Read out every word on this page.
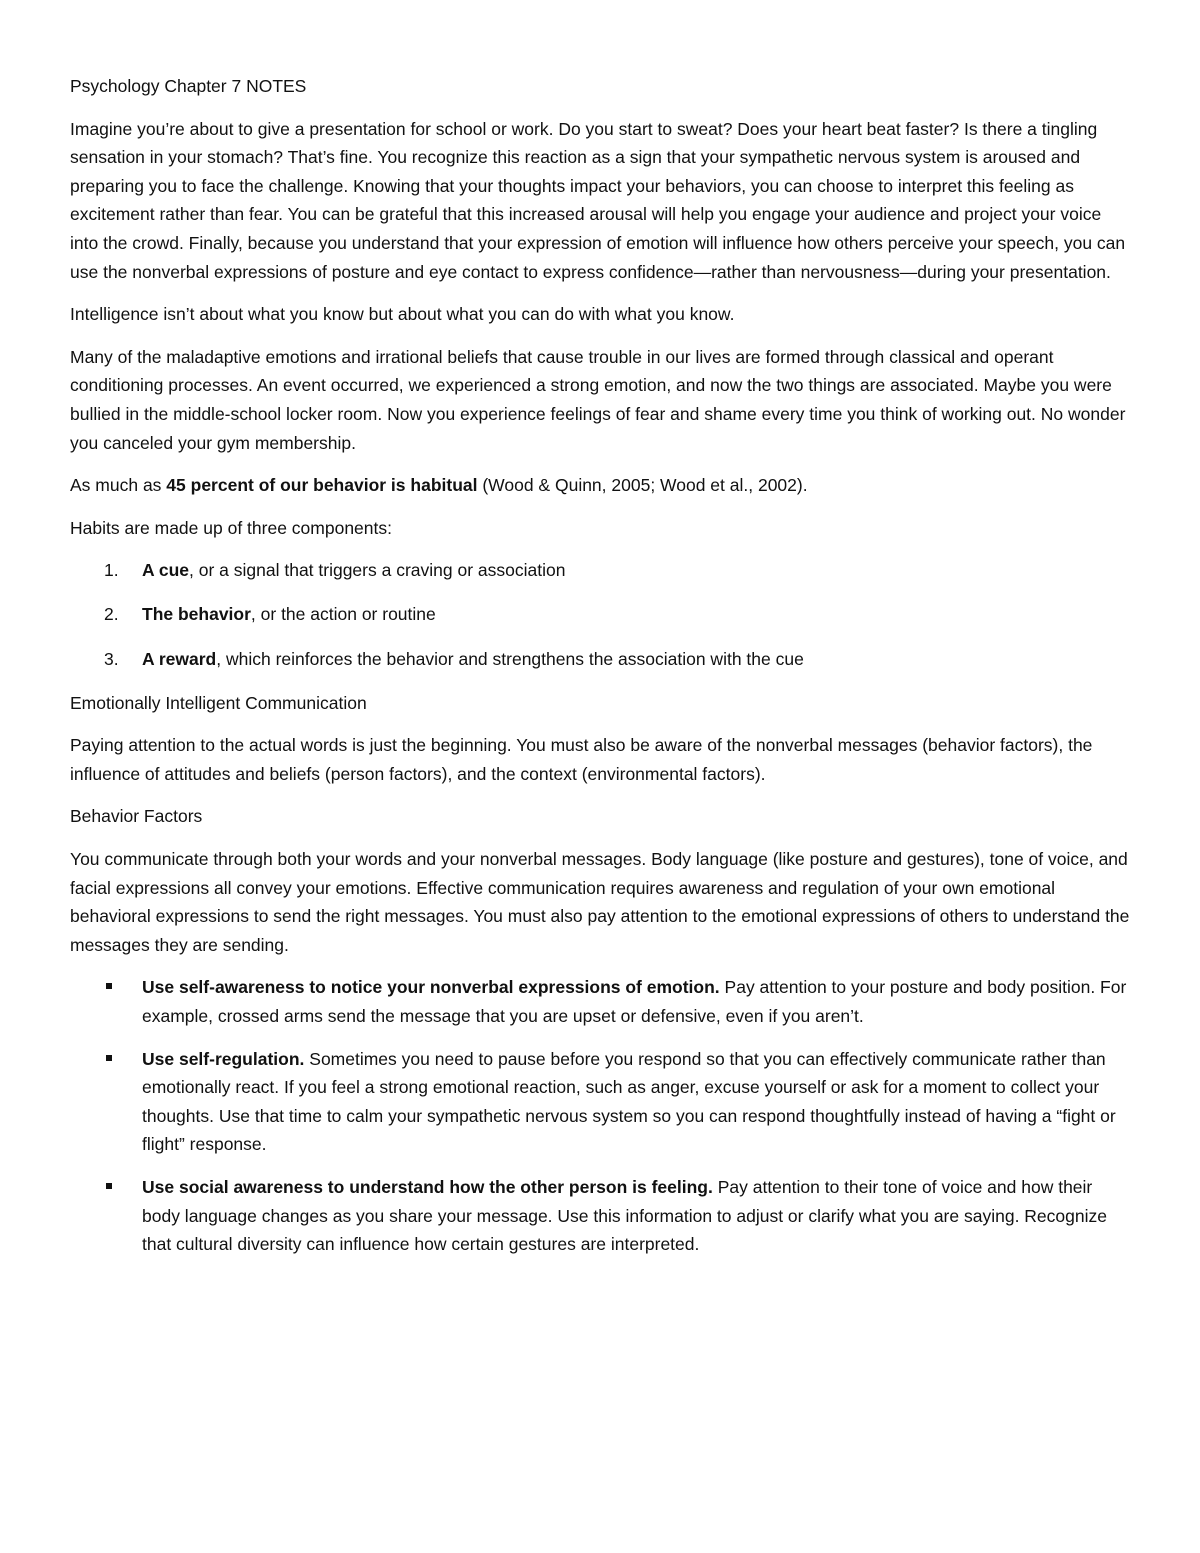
Psychology Chapter 7 NOTES

Imagine you’re about to give a presentation for school or work. Do you start to sweat? Does your heart beat faster? Is there a tingling sensation in your stomach? That’s fine. You recognize this reaction as a sign that your sympathetic nervous system is aroused and preparing you to face the challenge. Knowing that your thoughts impact your behaviors, you can choose to interpret this feeling as excitement rather than fear. You can be grateful that this increased arousal will help you engage your audience and project your voice into the crowd. Finally, because you understand that your expression of emotion will influence how others perceive your speech, you can use the nonverbal expressions of posture and eye contact to express confidence—rather than nervousness—during your presentation.

Intelligence isn’t about what you know but about what you can do with what you know.

Many of the maladaptive emotions and irrational beliefs that cause trouble in our lives are formed through classical and operant conditioning processes. An event occurred, we experienced a strong emotion, and now the two things are associated. Maybe you were bullied in the middle-school locker room. Now you experience feelings of fear and shame every time you think of working out. No wonder you canceled your gym membership.

As much as 45 percent of our behavior is habitual (Wood & Quinn, 2005; Wood et al., 2002).

Habits are made up of three components:

1. A cue, or a signal that triggers a craving or association
2. The behavior, or the action or routine
3. A reward, which reinforces the behavior and strengthens the association with the cue

Emotionally Intelligent Communication

Paying attention to the actual words is just the beginning. You must also be aware of the nonverbal messages (behavior factors), the influence of attitudes and beliefs (person factors), and the context (environmental factors).

Behavior Factors

You communicate through both your words and your nonverbal messages. Body language (like posture and gestures), tone of voice, and facial expressions all convey your emotions. Effective communication requires awareness and regulation of your own emotional behavioral expressions to send the right messages. You must also pay attention to the emotional expressions of others to understand the messages they are sending.

Use self-awareness to notice your nonverbal expressions of emotion. Pay attention to your posture and body position. For example, crossed arms send the message that you are upset or defensive, even if you aren’t.
Use self-regulation. Sometimes you need to pause before you respond so that you can effectively communicate rather than emotionally react. If you feel a strong emotional reaction, such as anger, excuse yourself or ask for a moment to collect your thoughts. Use that time to calm your sympathetic nervous system so you can respond thoughtfully instead of having a “fight or flight” response.
Use social awareness to understand how the other person is feeling. Pay attention to their tone of voice and how their body language changes as you share your message. Use this information to adjust or clarify what you are saying. Recognize that cultural diversity can influence how certain gestures are interpreted.
